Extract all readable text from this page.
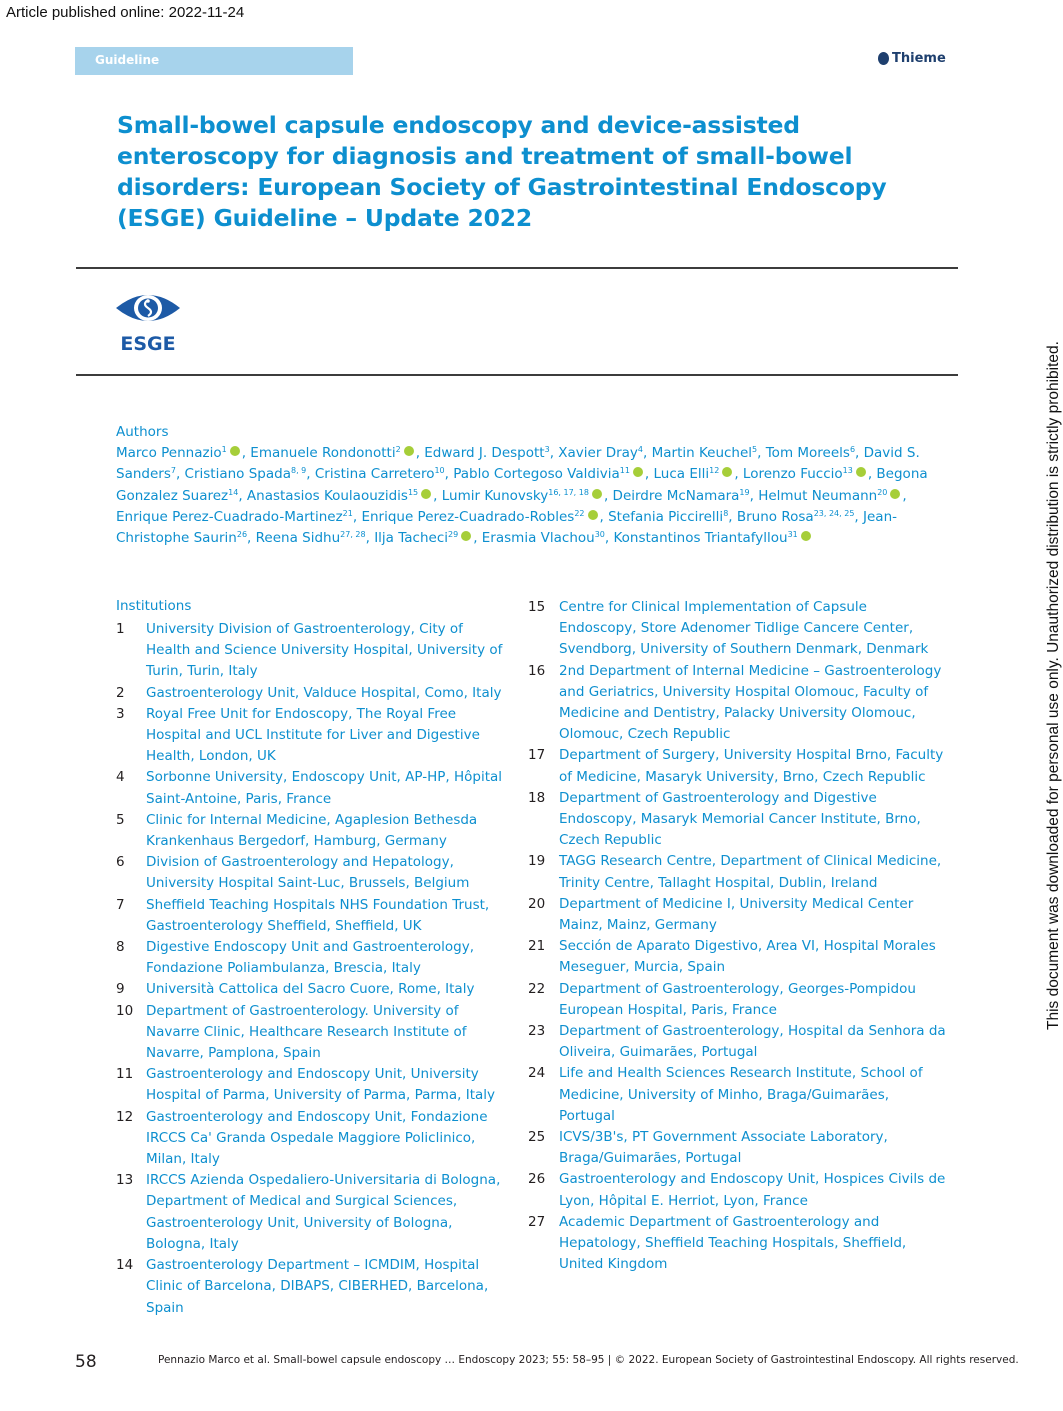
Article published online: 2022-11-24
Guideline	Thieme
Small-bowel capsule endoscopy and device-assisted enteroscopy for diagnosis and treatment of small-bowel disorders: European Society of Gastrointestinal Endoscopy (ESGE) Guideline – Update 2022
ESGE
Authors
Marco Pennazio$^1$ , Emanuele Rondonotti$^2$ , Edward J. Despott$^3$, Xavier Dray$^4$, Martin Keuchel$^5$, Tom Moreels$^6$, David S. Sanders$^7$, Cristiano Spada$^{8, 9}$, Cristina Carretero$^{10}$, Pablo Cortegoso Valdivia$^{11}$ , Luca Elli$^{12}$ , Lorenzo Fuccio$^{13}$ , Begona Gonzalez Suarez$^{14}$, Anastasios Koulaouzidis$^{15}$ , Lumir Kunovsky$^{16, 17, 18}$ , Deirdre McNamara$^{19}$, Helmut Neumann$^{20}$ , Enrique Perez-Cuadrado-Martinez$^{21}$, Enrique Perez-Cuadrado-Robles$^{22}$ , Stefania Piccirelli$^8$, Bruno Rosa$^{23, 24, 25}$, Jean-Christophe Saurin$^{26}$, Reena Sidhu$^{27, 28}$, Ilja Tacheci$^{29}$ , Erasmia Vlachou$^{30}$, Konstantinos Triantafyllou$^{31}$
Institutions
1	University Division of Gastroenterology, City of Health and Science University Hospital, University of Turin, Turin, Italy
2	Gastroenterology Unit, Valduce Hospital, Como, Italy
3	Royal Free Unit for Endoscopy, The Royal Free Hospital and UCL Institute for Liver and Digestive Health, London, UK
4	Sorbonne University, Endoscopy Unit, AP-HP, Hôpital Saint-Antoine, Paris, France
5	Clinic for Internal Medicine, Agaplesion Bethesda Krankenhaus Bergedorf, Hamburg, Germany
6	Division of Gastroenterology and Hepatology, University Hospital Saint-Luc, Brussels, Belgium
7	Sheffield Teaching Hospitals NHS Foundation Trust, Gastroenterology Sheffield, Sheffield, UK
8	Digestive Endoscopy Unit and Gastroenterology, Fondazione Poliambulanza, Brescia, Italy
9	Università Cattolica del Sacro Cuore, Rome, Italy
10 Department of Gastroenterology. University of Navarre Clinic, Healthcare Research Institute of Navarre, Pamplona, Spain
11 Gastroenterology and Endoscopy Unit, University Hospital of Parma, University of Parma, Parma, Italy
12 Gastroenterology and Endoscopy Unit, Fondazione IRCCS Ca' Granda Ospedale Maggiore Policlinico, Milan, Italy
13 IRCCS Azienda Ospedaliero-Universitaria di Bologna, Department of Medical and Surgical Sciences, Gastroenterology Unit, University of Bologna, Bologna, Italy
14 Gastroenterology Department – ICMDIM, Hospital Clinic of Barcelona, DIBAPS, CIBERHED, Barcelona, Spain
15	Centre for Clinical Implementation of Capsule Endoscopy, Store Adenomer Tidlige Cancere Center, Svendborg, University of Southern Denmark, Denmark
16	2nd Department of Internal Medicine – Gastroenterology and Geriatrics, University Hospital Olomouc, Faculty of Medicine and Dentistry, Palacky University Olomouc, Olomouc, Czech Republic
17	Department of Surgery, University Hospital Brno, Faculty of Medicine, Masaryk University, Brno, Czech Republic
18	Department of Gastroenterology and Digestive Endoscopy, Masaryk Memorial Cancer Institute, Brno, Czech Republic
19	TAGG Research Centre, Department of Clinical Medicine, Trinity Centre, Tallaght Hospital, Dublin, Ireland
20	Department of Medicine I, University Medical Center Mainz, Mainz, Germany
21	Sección de Aparato Digestivo, Area VI, Hospital Morales Meseguer, Murcia, Spain
22	Department of Gastroenterology, Georges-Pompidou European Hospital, Paris, France
23	Department of Gastroenterology, Hospital da Senhora da Oliveira, Guimarães, Portugal
24	Life and Health Sciences Research Institute, School of Medicine, University of Minho, Braga/Guimarães, Portugal
25	ICVS/3B's, PT Government Associate Laboratory, Braga/Guimarães, Portugal
26	Gastroenterology and Endoscopy Unit, Hospices Civils de Lyon, Hôpital E. Herriot, Lyon, France
27	Academic Department of Gastroenterology and Hepatology, Sheffield Teaching Hospitals, Sheffield, United Kingdom
58	Pennazio Marco et al. Small-bowel capsule endoscopy … Endoscopy 2023; 55: 58–95 | © 2022. European Society of Gastrointestinal Endoscopy. All rights reserved.
This document was downloaded for personal use only. Unauthorized distribution is strictly prohibited.
